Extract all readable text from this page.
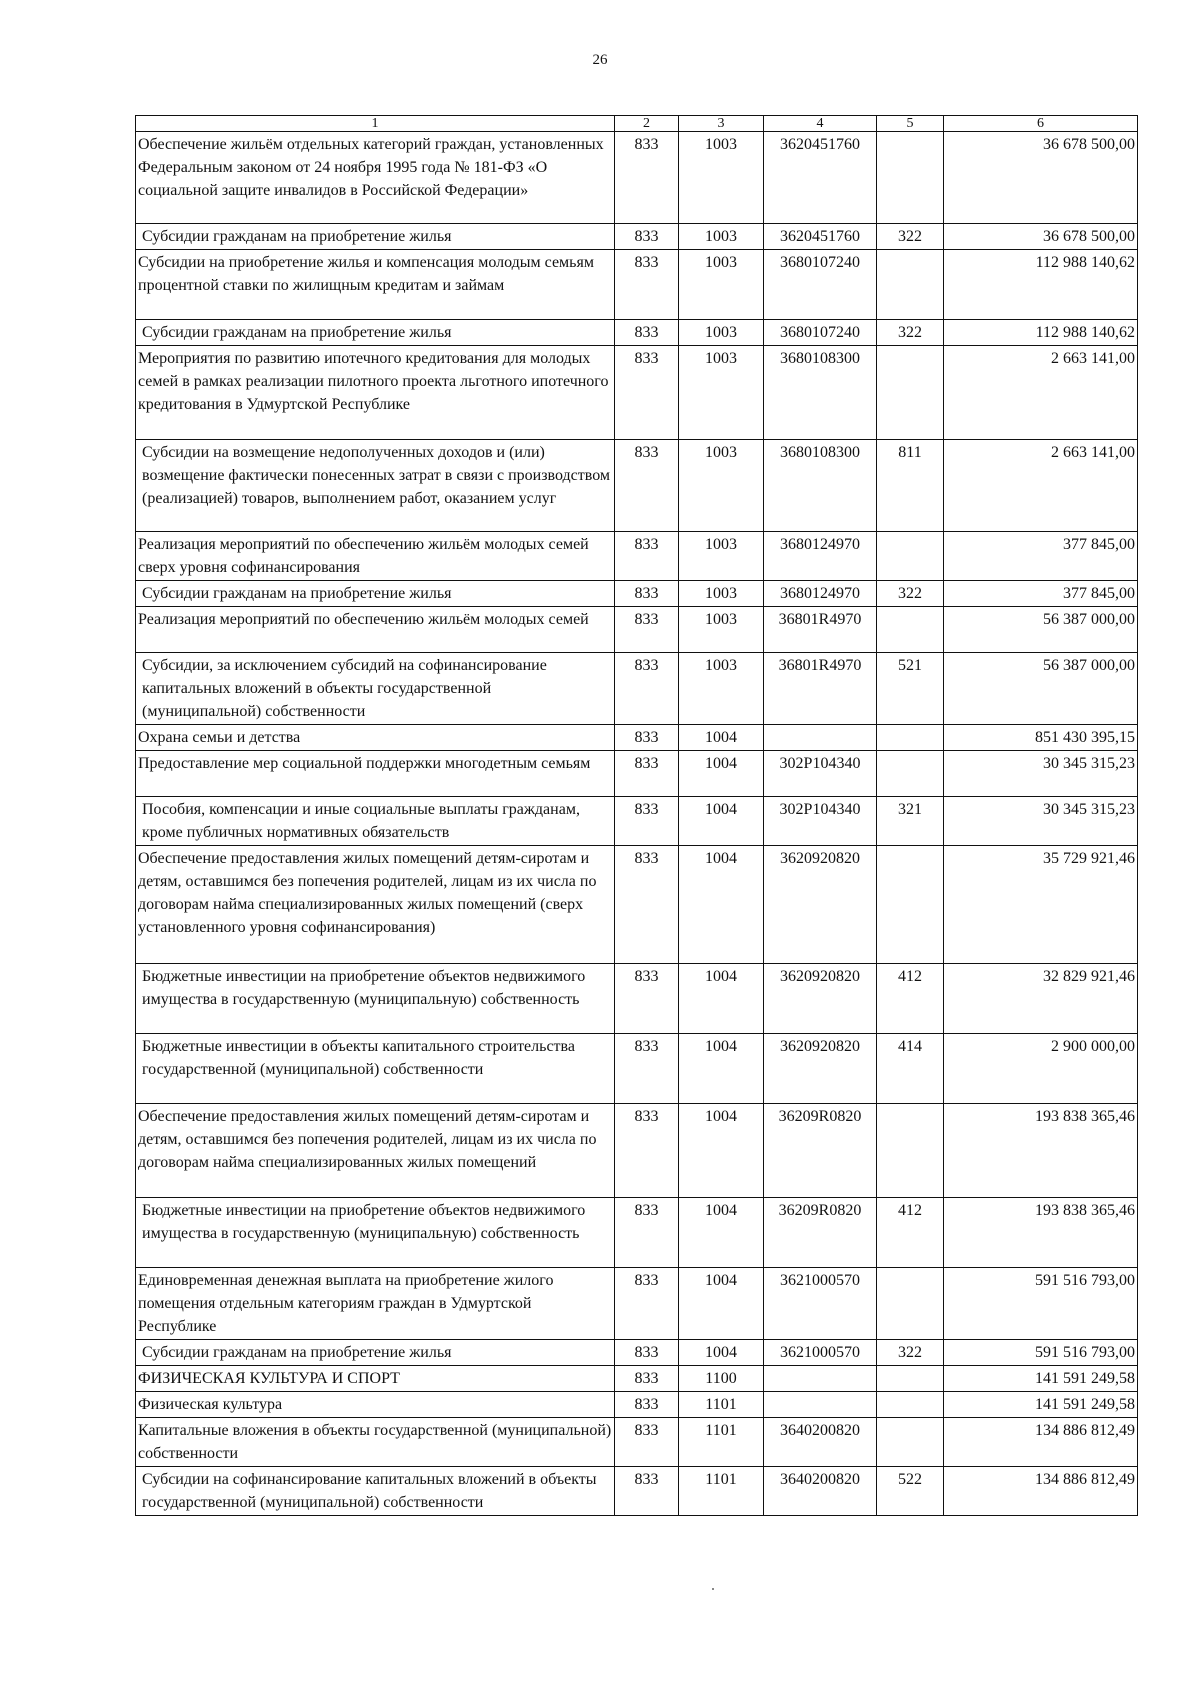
26
1	2	3	4	5	6
Обеспечение жильём отдельных категорий граждан, установленных Федеральным законом от 24 ноября 1995 года № 181-ФЗ «О социальной защите инвалидов в Российской Федерации»	833	1003	3620451760		36 678 500,00
Субсидии гражданам на приобретение жилья	833	1003	3620451760	322	36 678 500,00
Субсидии на приобретение жилья и компенсация молодым семьям процентной ставки по жилищным кредитам и займам	833	1003	3680107240		112 988 140,62
Субсидии гражданам на приобретение жилья	833	1003	3680107240	322	112 988 140,62
Мероприятия по развитию ипотечного кредитования для молодых семей в рамках реализации пилотного проекта льготного ипотечного кредитования в Удмуртской Республике	833	1003	3680108300		2 663 141,00
Субсидии на возмещение недополученных доходов и (или) возмещение фактически понесенных затрат в связи с производством (реализацией) товаров, выполнением работ, оказанием услуг	833	1003	3680108300	811	2 663 141,00
Реализация мероприятий по обеспечению жильём молодых семей сверх уровня софинансирования	833	1003	3680124970		377 845,00
Субсидии гражданам на приобретение жилья	833	1003	3680124970	322	377 845,00
Реализация мероприятий по обеспечению жильём молодых семей	833	1003	36801R4970		56 387 000,00
Субсидии, за исключением субсидий на софинансирование капитальных вложений в объекты государственной (муниципальной) собственности	833	1003	36801R4970	521	56 387 000,00
Охрана семьи и детства	833	1004			851 430 395,15
Предоставление мер социальной поддержки многодетным семьям	833	1004	302P104340		30 345 315,23
Пособия, компенсации и иные социальные выплаты гражданам, кроме публичных нормативных обязательств	833	1004	302P104340	321	30 345 315,23
Обеспечение предоставления жилых помещений детям-сиротам и детям, оставшимся без попечения родителей, лицам из их числа по договорам найма специализированных жилых помещений (сверх установленного уровня софинансирования)	833	1004	3620920820		35 729 921,46
Бюджетные инвестиции на приобретение объектов недвижимого имущества в государственную (муниципальную) собственность	833	1004	3620920820	412	32 829 921,46
Бюджетные инвестиции в объекты капитального строительства государственной (муниципальной) собственности	833	1004	3620920820	414	2 900 000,00
Обеспечение предоставления жилых помещений детям-сиротам и детям, оставшимся без попечения родителей, лицам из их числа по договорам найма специализированных жилых помещений	833	1004	36209R0820		193 838 365,46
Бюджетные инвестиции на приобретение объектов недвижимого имущества в государственную (муниципальную) собственность	833	1004	36209R0820	412	193 838 365,46
Единовременная денежная выплата на приобретение жилого помещения отдельным категориям граждан в Удмуртской Республике	833	1004	3621000570		591 516 793,00
Субсидии гражданам на приобретение жилья	833	1004	3621000570	322	591 516 793,00
ФИЗИЧЕСКАЯ КУЛЬТУРА И СПОРТ	833	1100			141 591 249,58
Физическая культура	833	1101			141 591 249,58
Капитальные вложения в объекты государственной (муниципальной) собственности	833	1101	3640200820		134 886 812,49
Субсидии на софинансирование капитальных вложений в объекты государственной (муниципальной) собственности	833	1101	3640200820	522	134 886 812,49
